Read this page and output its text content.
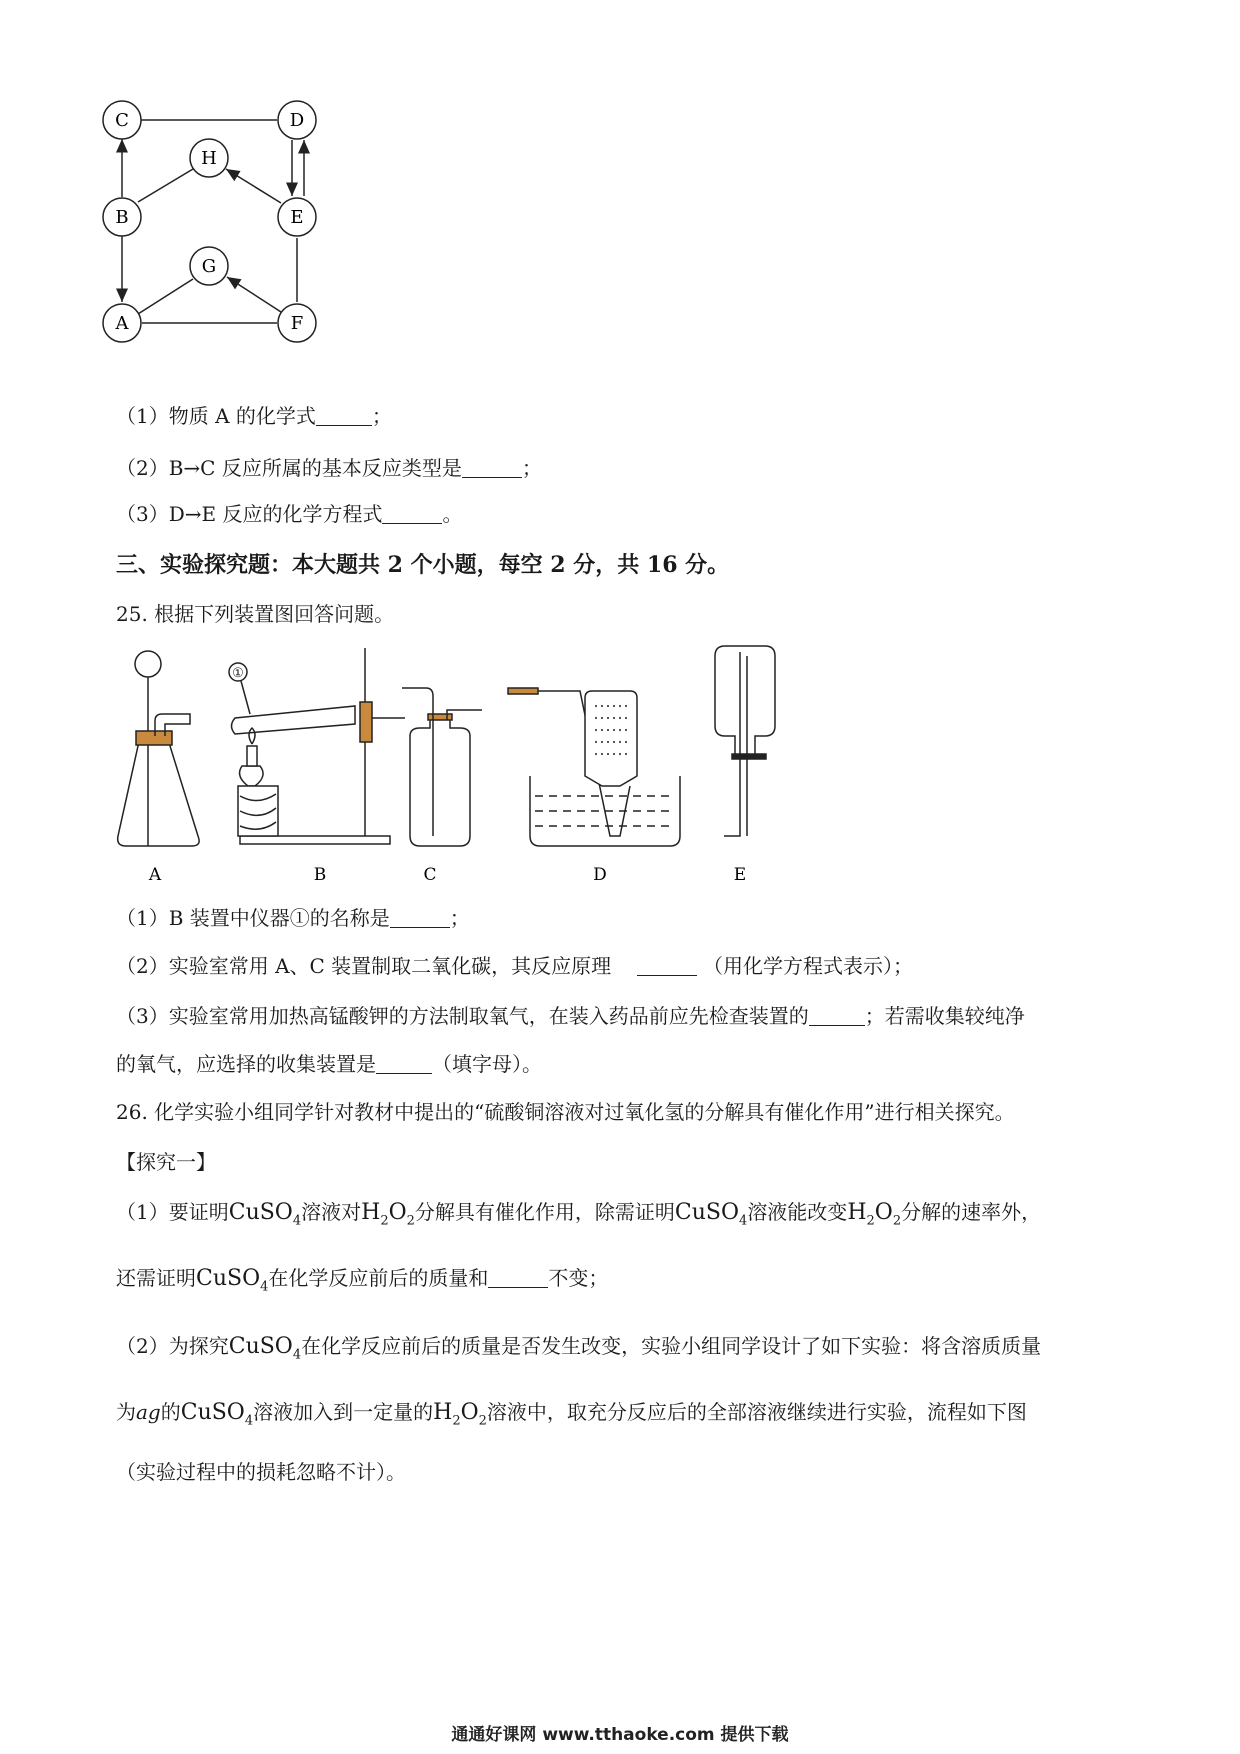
C	D
H
B	E
G
A	F
（1）物质 A 的化学式	；
（2）B→C 反应所属的基本反应类型是	；
（3）D→E 反应的化学方程式	。
三、实验探究题：本大题共 2 个小题，每空 2 分，共 16 分。
25. 根据下列装置图回答问题。
A
①
B	C	D	E
（1）B 装置中仪器①的名称是	；
（2）实验室常用 A、C 装置制取二氧化碳，其反应原理	（用化学方程式表示）；
（3）实验室常用加热高锰酸钾的方法制取氧气，在装入药品前应先检查装置的	；若需收集较纯净
的氧气，应选择的收集装置是	（填字母）。
26. 化学实验小组同学针对教材中提出的“硫酸铜溶液对过氧化氢的分解具有催化作用”进行相关探究。
【探究一】
（1）要证明CuSO$_4$溶液对$H_2O_2$分解具有催化作用，除需证明CuSO$_4$溶液能改变$H_2O_2$分解的速率外，
还需证明CuSO$_4$在化学反应前后的质量和	不变；
（2）为探究CuSO$_4$在化学反应前后的质量是否发生改变，实验小组同学设计了如下实验：将含溶质质量
为ag的CuSO$_4$溶液加入到一定量的$H_2O_2$溶液中，取充分反应后的全部溶液继续进行实验，流程如下图
（实验过程中的损耗忽略不计）。
通通好课网 www.tthaoke.com 提供下载
